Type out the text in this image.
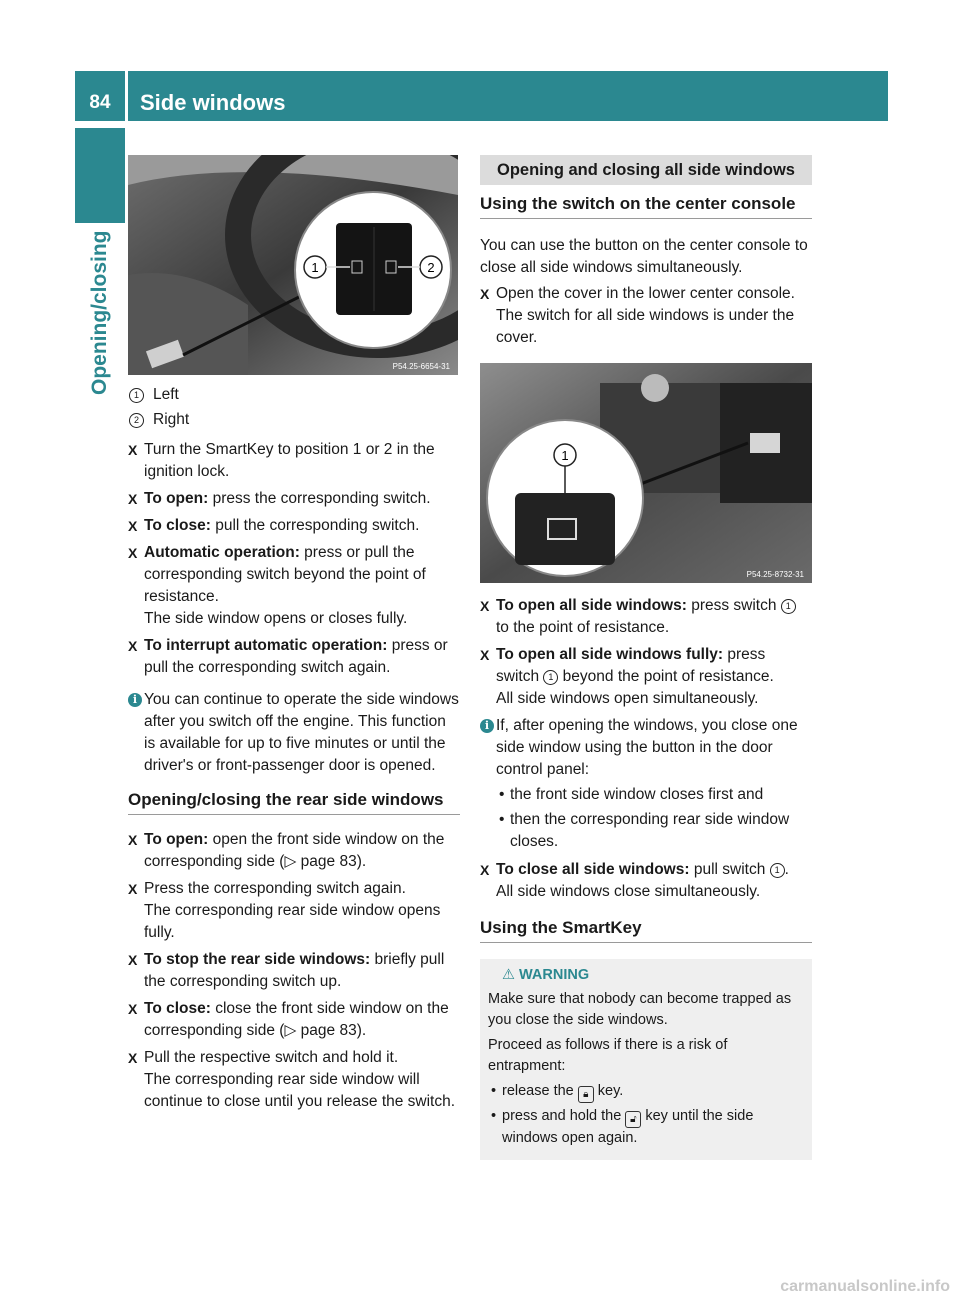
84	Side windows
Opening/closing	1	2
P54.25-6654-31
1 Left
2 Right
X Turn the SmartKey to position 1 or 2 in the ignition lock.
X To open: press the corresponding switch.
X To close: pull the corresponding switch.
X Automatic operation: press or pull the corresponding switch beyond the point of resistance.
The side window opens or closes fully.
X To interrupt automatic operation: press or pull the corresponding switch again.
i You can continue to operate the side windows after you switch off the engine. This function is available for up to five minutes or until the driver's or front-passenger door is opened.
Opening/closing the rear side windows
X To open: open the front side window on the corresponding side (▷ page 83).
X Press the corresponding switch again.
The corresponding rear side window opens fully.
X To stop the rear side windows: briefly pull the corresponding switch up.
X To close: close the front side window on the corresponding side (▷ page 83).
X Pull the respective switch and hold it.
The corresponding rear side window will continue to close until you release the switch.
Opening and closing all side windows
Using the switch on the center console

You can use the button on the center console to close all side windows simultaneously.

X Open the cover in the lower center console. The switch for all side windows is under the cover.
1
P54.25-8732-31
X To open all side windows: press switch 1 to the point of resistance.
X To open all side windows fully: press switch 1 beyond the point of resistance.
All side windows open simultaneously.
i If, after opening the windows, you close one side window using the button in the door control panel:
• the front side window closes first and
• then the corresponding rear side window closes.
X To close all side windows: pull switch 1 .
All side windows close simultaneously.
Using the SmartKey
⚠ WARNING

Make sure that nobody can become trapped as you close the side windows.

Proceed as follows if there is a risk of entrapment:

• release the 🔒︎ key.
• press and hold the 🔓︎ key until the side windows open again.
carmanualsonline.info
